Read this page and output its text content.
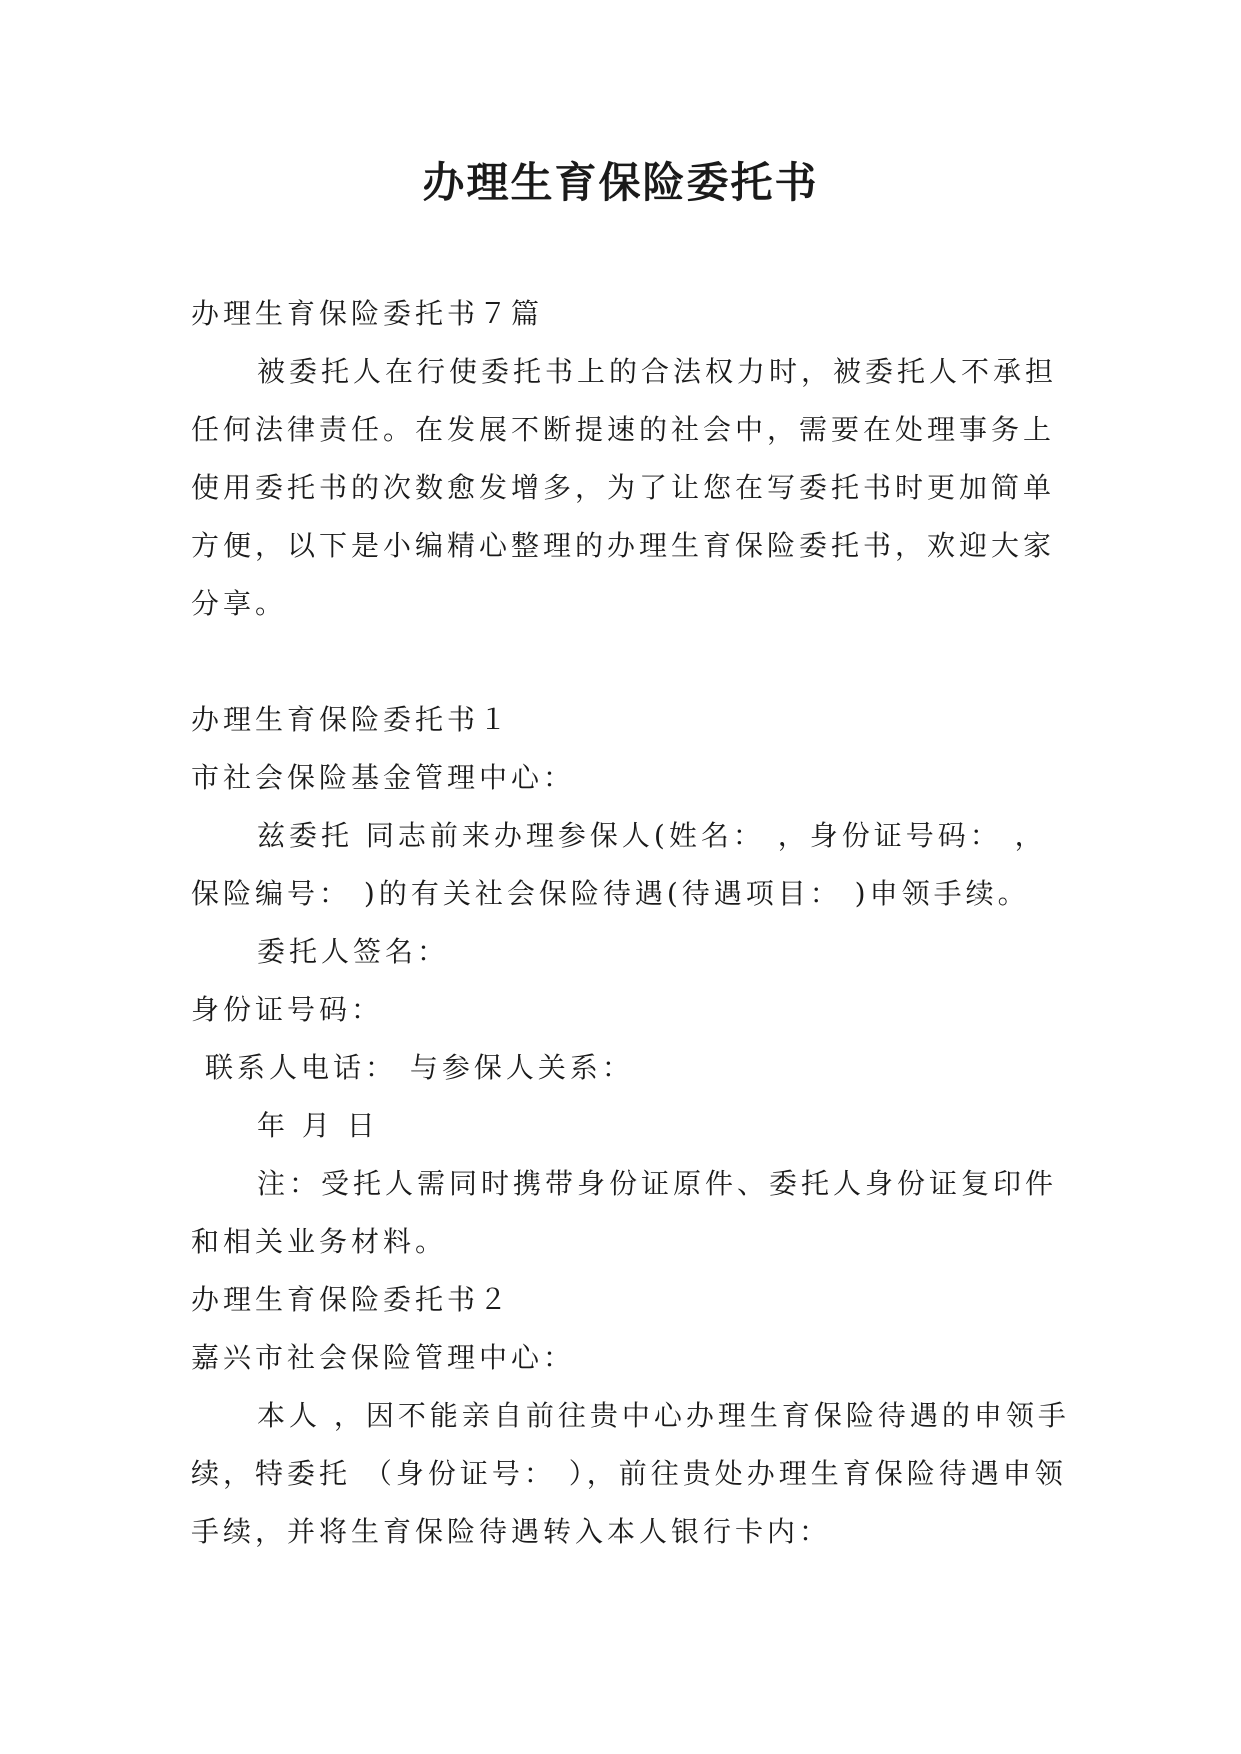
办理生育保险委托书

办理生育保险委托书７篇

被委托人在行使委托书上的合法权力时，被委托人不承担任何法律责任。在发展不断提速的社会中，需要在处理事务上使用委托书的次数愈发增多，为了让您在写委托书时更加简单方便，以下是小编精心整理的办理生育保险委托书，欢迎大家分享。

办理生育保险委托书１

市社会保险基金管理中心：

兹委托 同志前来办理参保人(姓名： ，身份证号码： ，保险编号： )的有关社会保险待遇(待遇项目： )申领手续。

委托人签名：

身份证号码：

联系人电话： 与参保人关系：

年 月 日

注：受托人需同时携带身份证原件、委托人身份证复印件和相关业务材料。

办理生育保险委托书２

嘉兴市社会保险管理中心：

本人 ，因不能亲自前往贵中心办理生育保险待遇的申领手续，特委托 （身份证号： ），前往贵处办理生育保险待遇申领手续，并将生育保险待遇转入本人银行卡内：
